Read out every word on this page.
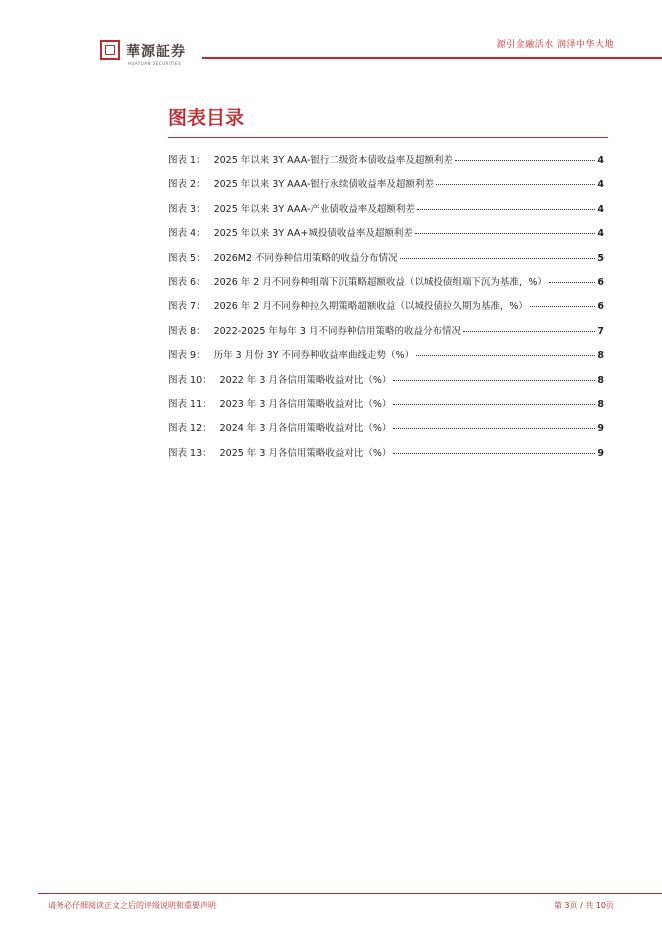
華源証券
HUAYUAN SECURITIES
源引金融活水 润泽中华大地
图表目录
图表 1： 2025 年以来 3Y AAA-银行二级资本债收益率及超额利差	4
图表 2： 2025 年以来 3Y AAA-银行永续债收益率及超额利差	4
图表 3： 2025 年以来 3Y AAA-产业债收益率及超额利差	4
图表 4： 2025 年以来 3Y AA+城投债收益率及超额利差	4
图表 5： 2026M2 不同券种信用策略的收益分布情况	5
图表 6： 2026 年 2 月不同券种组端下沉策略超额收益（以城投债组端下沉为基准，%）	6
图表 7： 2026 年 2 月不同券种拉久期策略超额收益（以城投债拉久期为基准，%）	6
图表 8： 2022-2025 年每年 3 月不同券种信用策略的收益分布情况	7
图表 9： 历年 3 月份 3Y 不同券种收益率曲线走势（%）	8
图表 10： 2022 年 3 月各信用策略收益对比（%）	8
图表 11： 2023 年 3 月各信用策略收益对比（%）	8
图表 12： 2024 年 3 月各信用策略收益对比（%）	9
图表 13： 2025 年 3 月各信用策略收益对比（%）	9
请务必仔细阅读正文之后的评级说明和重要声明	第 3页 / 共 10页
